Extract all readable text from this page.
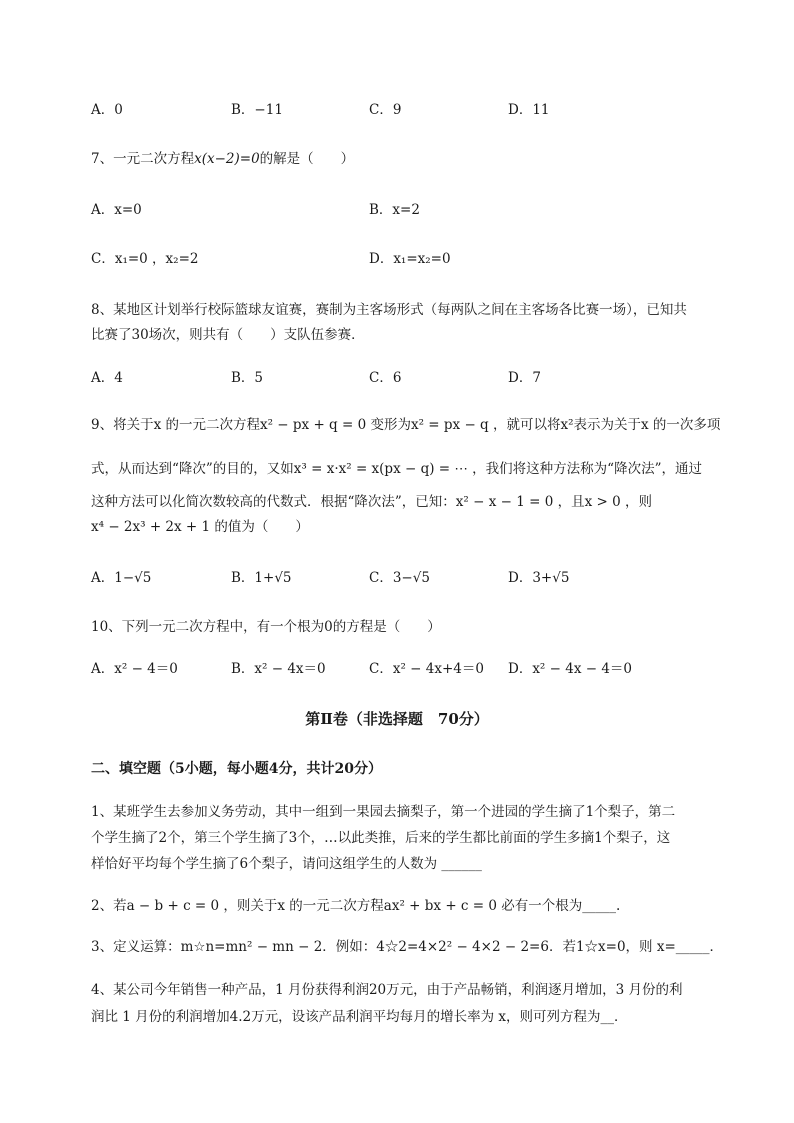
A．0	B．−11	C．9	D．11
7、一元二次方程x(x−2)=0的解是（　　）
A．x=0	B．x=2
C．x₁=0 ，x₂=2	D．x₁=x₂=0
8、某地区计划举行校际篮球友谊赛，赛制为主客场形式（每两队之间在主客场各比赛一场），已知共
比赛了30场次，则共有（　　）支队伍参赛．
A．4	B．5	C．6	D．7
9、将关于x 的一元二次方程x² − px + q = 0 变形为x² = px − q ，就可以将x²表示为关于x 的一次多项
式，从而达到“降次”的目的，又如x³ = x·x² = x(px − q) = ⋯ ，我们将这种方法称为“降次法”，通过
这种方法可以化简次数较高的代数式．根据“降次法”，已知：x² − x − 1 = 0 ，且x > 0 ，则
x⁴ − 2x³ + 2x + 1 的值为（　　）
A．1−√5	B．1+√5	C．3−√5	D．3+√5
10、下列一元二次方程中，有一个根为0的方程是（　　）
A．x² − 4＝0	B．x² − 4x＝0	C．x² − 4x+4＝0 D．x² − 4x − 4＝0
第Ⅱ卷（非选择题　70分）
二、填空题（5小题，每小题4分，共计20分）
1、某班学生去参加义务劳动，其中一组到一果园去摘梨子，第一个进园的学生摘了1个梨子，第二
个学生摘了2个，第三个学生摘了3个，…以此类推，后来的学生都比前面的学生多摘1个梨子，这
样恰好平均每个学生摘了6个梨子，请问这组学生的人数为 ______
2、若a − b + c = 0 ，则关于x 的一元二次方程ax² + bx + c = 0 必有一个根为_____.
3、定义运算：m☆n=mn² − mn − 2．例如：4☆2=4×2² − 4×2 − 2=6．若1☆x=0，则 x=_____．
4、某公司今年销售一种产品，1 月份获得利润20万元，由于产品畅销，利润逐月增加，3 月份的利
润比 1 月份的利润增加4.2万元，设该产品利润平均每月的增长率为 x，则可列方程为__．
